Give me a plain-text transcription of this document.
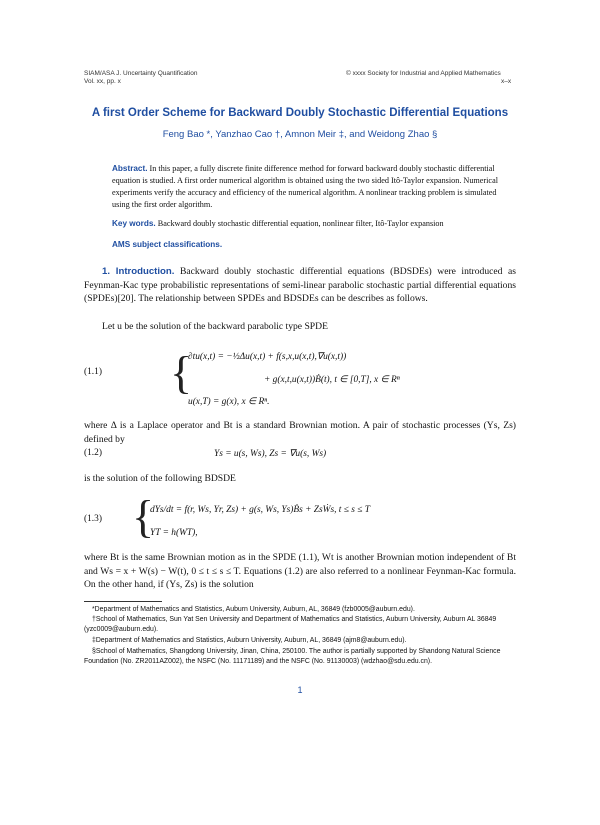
SIAM/ASA J. Uncertainty Quantification
Vol. xx, pp. x
© xxxx Society for Industrial and Applied Mathematics
x–x
A first Order Scheme for Backward Doubly Stochastic Differential Equations
Feng Bao *, Yanzhao Cao †, Amnon Meir ‡, and Weidong Zhao §
Abstract. In this paper, a fully discrete finite difference method for forward backward doubly stochastic differential equation is studied. A first order numerical algorithm is obtained using the two sided Itô-Taylor expansion. Numerical experiments verify the accuracy and efficiency of the numerical algorithm. A nonlinear tracking problem is simulated using the first order algorithm.
Key words. Backward doubly stochastic differential equation, nonlinear filter, Itô-Taylor expansion
AMS subject classifications.
1. Introduction. Backward doubly stochastic differential equations (BDSDEs) were introduced as Feynman-Kac type probabilistic representations of semi-linear parabolic stochastic partial differential equations (SPDEs)[20]. The relationship between SPDEs and BDSDEs can be describes as follows.
Let u be the solution of the backward parabolic type SPDE
(1.1) {
∂tu(x,t) = −½Δu(x,t) + f(s,x,u(x,t),∇u(x,t))
+ g(x,t,u(x,t))Ḃ(t), t ∈ [0,T], x ∈ Rⁿ
u(x,T) = g(x), x ∈ Rⁿ.
where Δ is a Laplace operator and Bt is a standard Brownian motion. A pair of stochastic processes (Ys, Zs) defined by
(1.2)	Ys = u(s, Ws), Zs = ∇u(s, Ws)
is the solution of the following BDSDE
(1.3) {
dYs/dt = f(r, Ws, Yr, Zs) + g(s, Ws, Ys)Ḃs + ZsẆs, t ≤ s ≤ T
YT = h(WT),
where Bt is the same Brownian motion as in the SPDE (1.1), Wt is another Brownian motion independent of Bt and Ws = x + W(s) − W(t), 0 ≤ t ≤ s ≤ T. Equations (1.2) are also referred to a nonlinear Feynman-Kac formula. On the other hand, if (Ys, Zs) is the solution
*Department of Mathematics and Statistics, Auburn University, Auburn, AL, 36849 (fzb0005@auburn.edu).
†School of Mathematics, Sun Yat Sen University and Department of Mathematics and Statistics, Auburn University, Auburn AL 36849 (yzc0009@auburn.edu).
‡Department of Mathematics and Statistics, Auburn University, Auburn, AL, 36849 (ajm8@auburn.edu).
§School of Mathematics, Shangdong University, Jinan, China, 250100. The author is partially supported by Shandong Natural Science Foundation (No. ZR2011AZ002), the NSFC (No. 11171189) and the NSFC (No. 91130003) (wdzhao@sdu.edu.cn).
1
